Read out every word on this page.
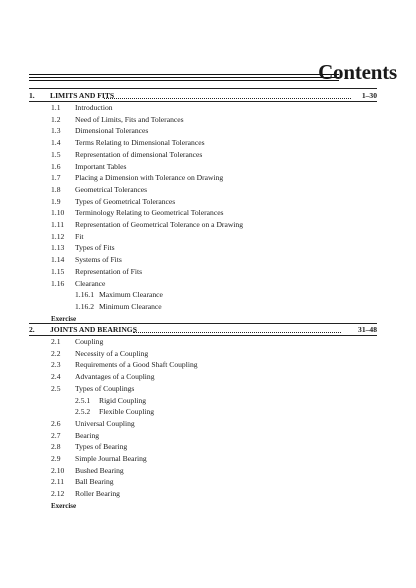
Contents
1. LIMITS AND FITS	1–30
1.1 Introduction
1.2 Need of Limits, Fits and Tolerances
1.3 Dimensional Tolerances
1.4 Terms Relating to Dimensional Tolerances
1.5 Representation of dimensional Tolerances
1.6 Important Tables
1.7 Placing a Dimension with Tolerance on Drawing
1.8 Geometrical Tolerances
1.9 Types of Geometrical Tolerances
1.10 Terminology Relating to Geometrical Tolerances
1.11 Representation of Geometrical Tolerance on a Drawing
1.12 Fit
1.13 Types of Fits
1.14 Systems of Fits
1.15 Representation of Fits
1.16 Clearance
1.16.1 Maximum Clearance
1.16.2 Minimum Clearance
Exercise
2. JOINTS AND BEARINGS	31–48
2.1 Coupling
2.2 Necessity of a Coupling
2.3 Requirements of a Good Shaft Coupling
2.4 Advantages of a Coupling
2.5 Types of Couplings
2.5.1 Rigid Coupling
2.5.2 Flexible Coupling
2.6 Universal Coupling
2.7 Bearing
2.8 Types of Bearing
2.9 Simple Journal Bearing
2.10 Bushed Bearing
2.11 Ball Bearing
2.12 Roller Bearing
Exercise
